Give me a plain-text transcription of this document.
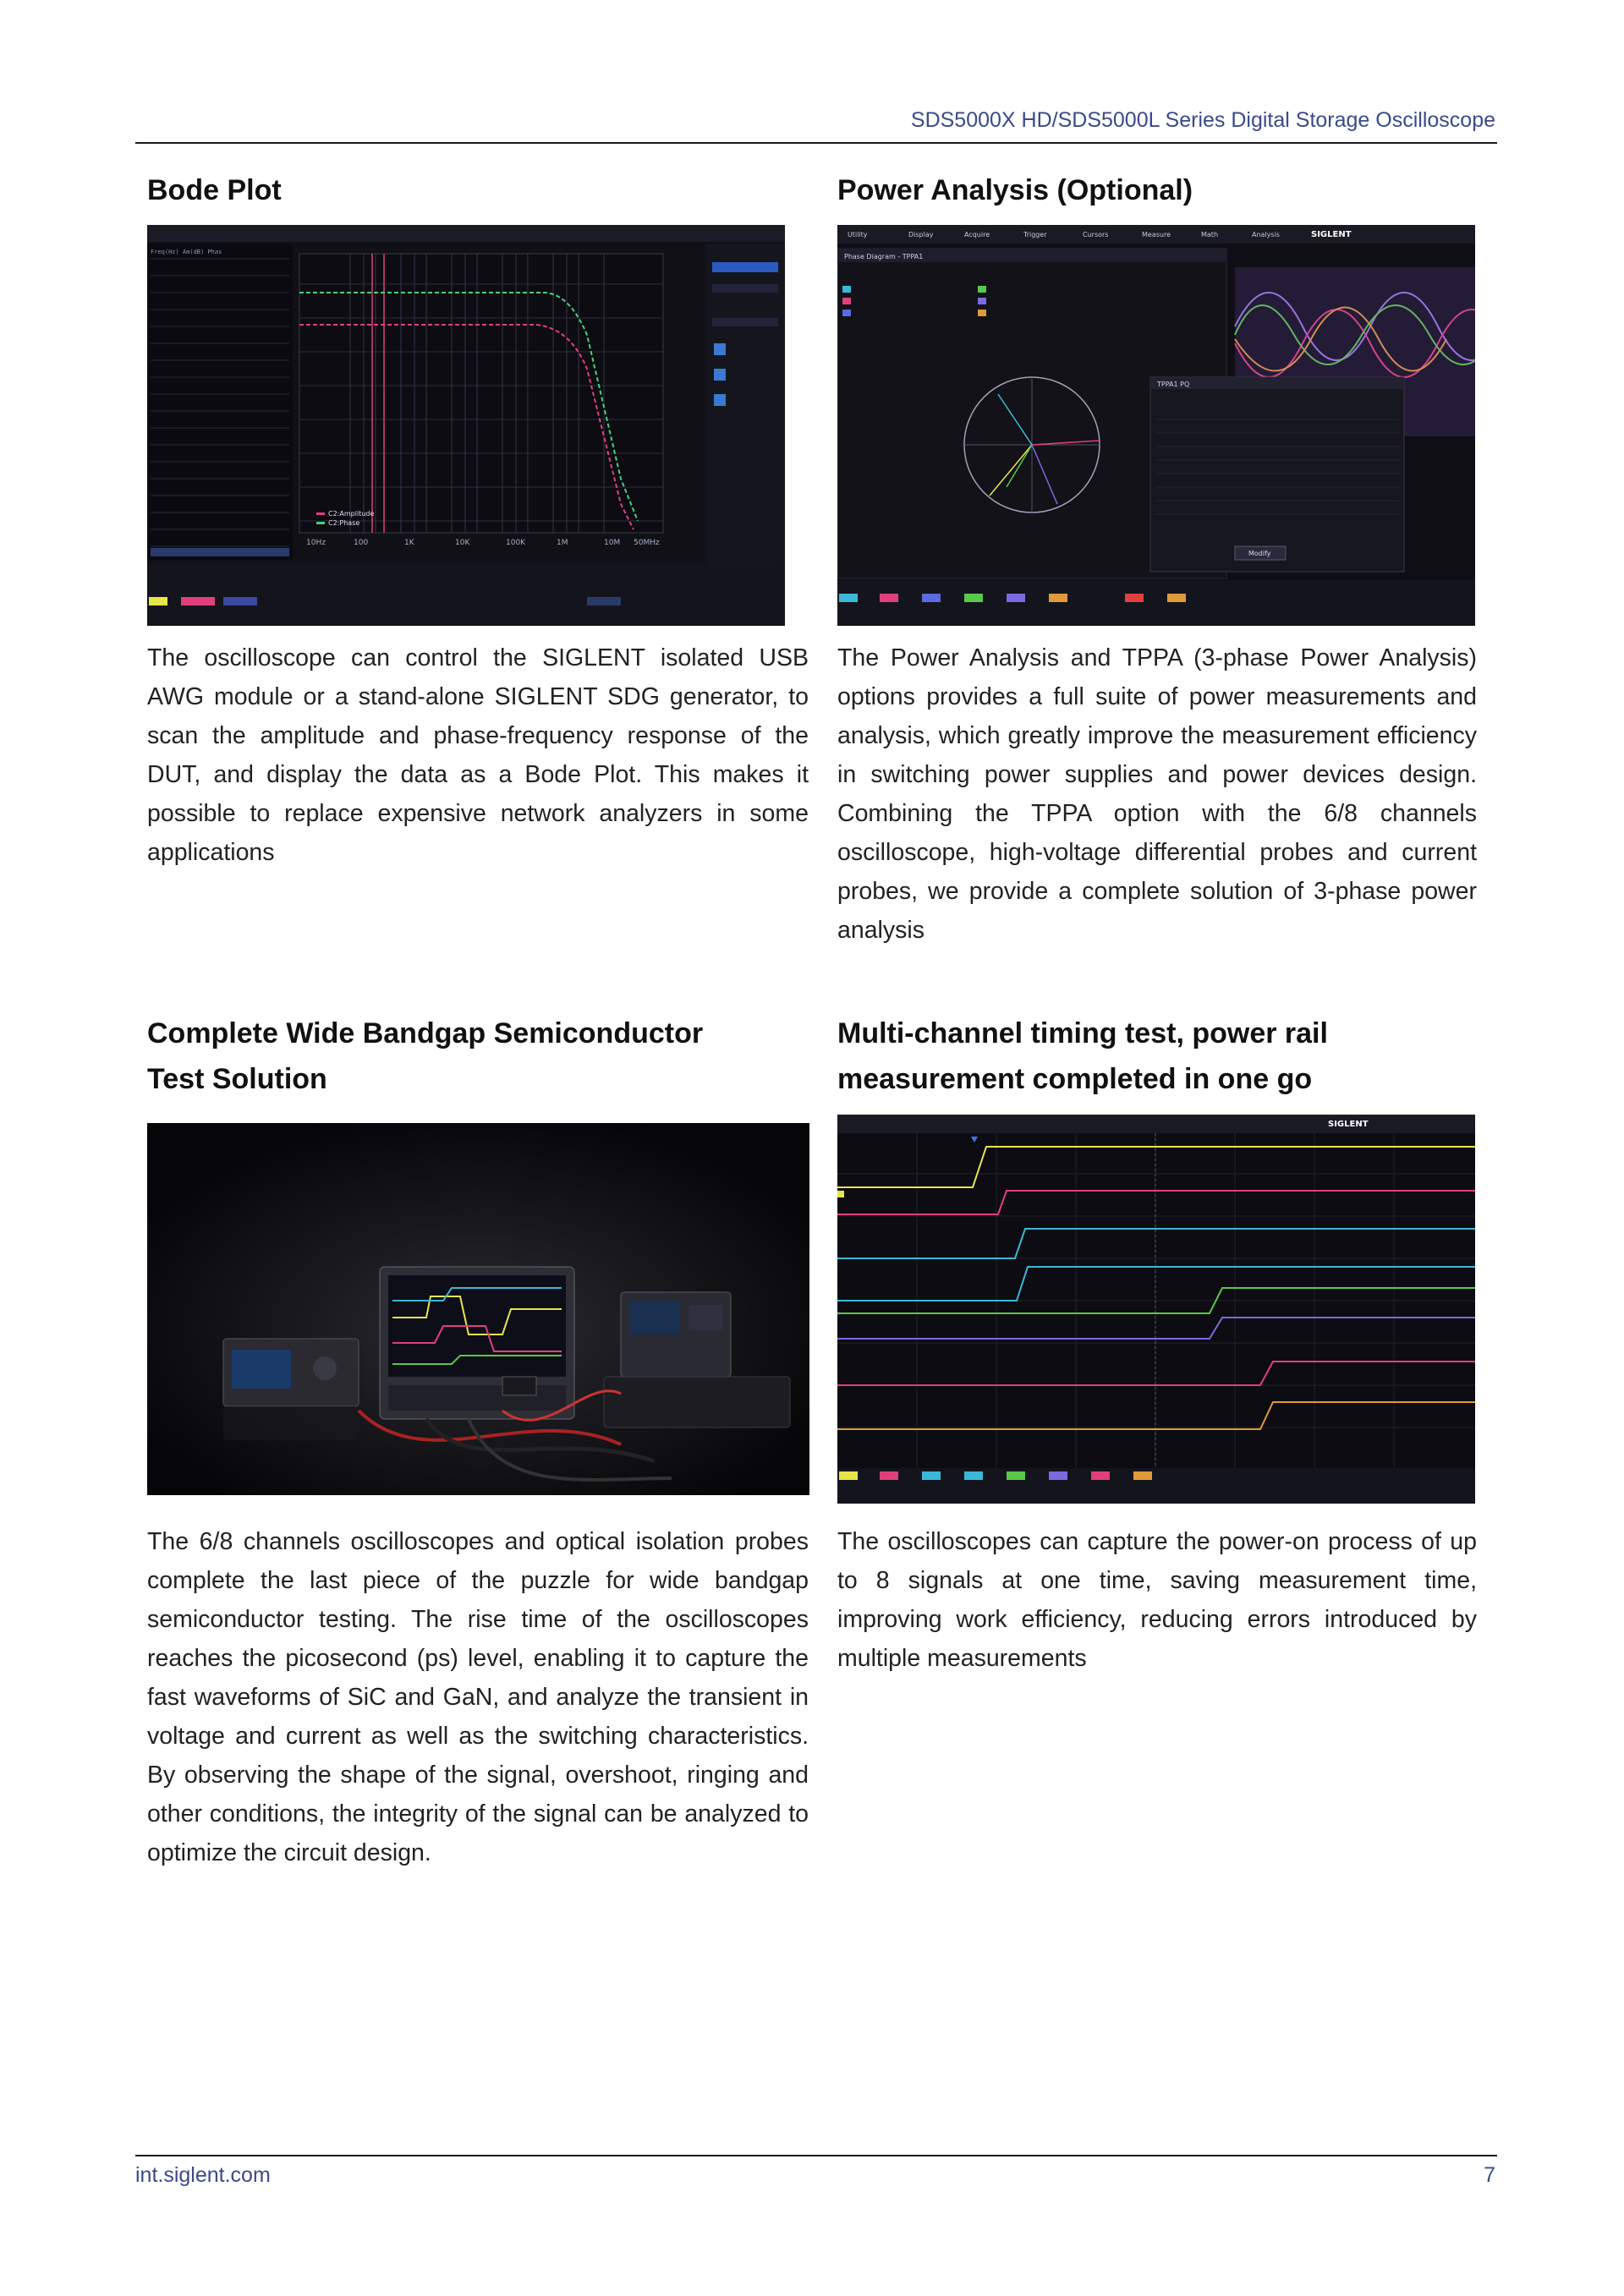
SDS5000X HD/SDS5000L Series Digital Storage Oscilloscope
Bode Plot
Freq(Hz) Am(dB) Phas
10Hz	100	1K	10K	100K	1M	10M 50MHz
C2:Amplitude
C2:Phase

The oscilloscope can control the SIGLENT isolated USB AWG module or a stand-alone SIGLENT SDG generator, to scan the amplitude and phase-frequency response of the DUT, and display the data as a Bode Plot. This makes it possible to replace expensive network analyzers in some applications

Power Analysis (Optional)
Utility	Display	Acquire	Trigger	Cursors	Measure	Math	Analysis	SIGLENT
Phase Diagram - TPPA1
TPPA1 PQ
Modify

The Power Analysis and TPPA (3-phase Power Analysis) options provides a full suite of power measurements and analysis, which greatly improve the measurement efficiency in switching power supplies and power devices design. Combining the TPPA option with the 6/8 channels oscilloscope, high-voltage differential probes and current probes, we provide a complete solution of 3-phase power analysis

Complete Wide Bandgap Semiconductor
Test Solution

The 6/8 channels oscilloscopes and optical isolation probes complete the last piece of the puzzle for wide bandgap semiconductor testing. The rise time of the oscilloscopes reaches the picosecond (ps) level, enabling it to capture the fast waveforms of SiC and GaN, and analyze the transient in voltage and current as well as the switching characteristics. By observing the shape of the signal, overshoot, ringing and other conditions, the integrity of the signal can be analyzed to optimize the circuit design.

Multi-channel timing test, power rail
measurement completed in one go
SIGLENT

The oscilloscopes can capture the power-on process of up to 8 signals at one time, saving measurement time, improving work efficiency, reducing errors introduced by multiple measurements

int.siglent.com	7
